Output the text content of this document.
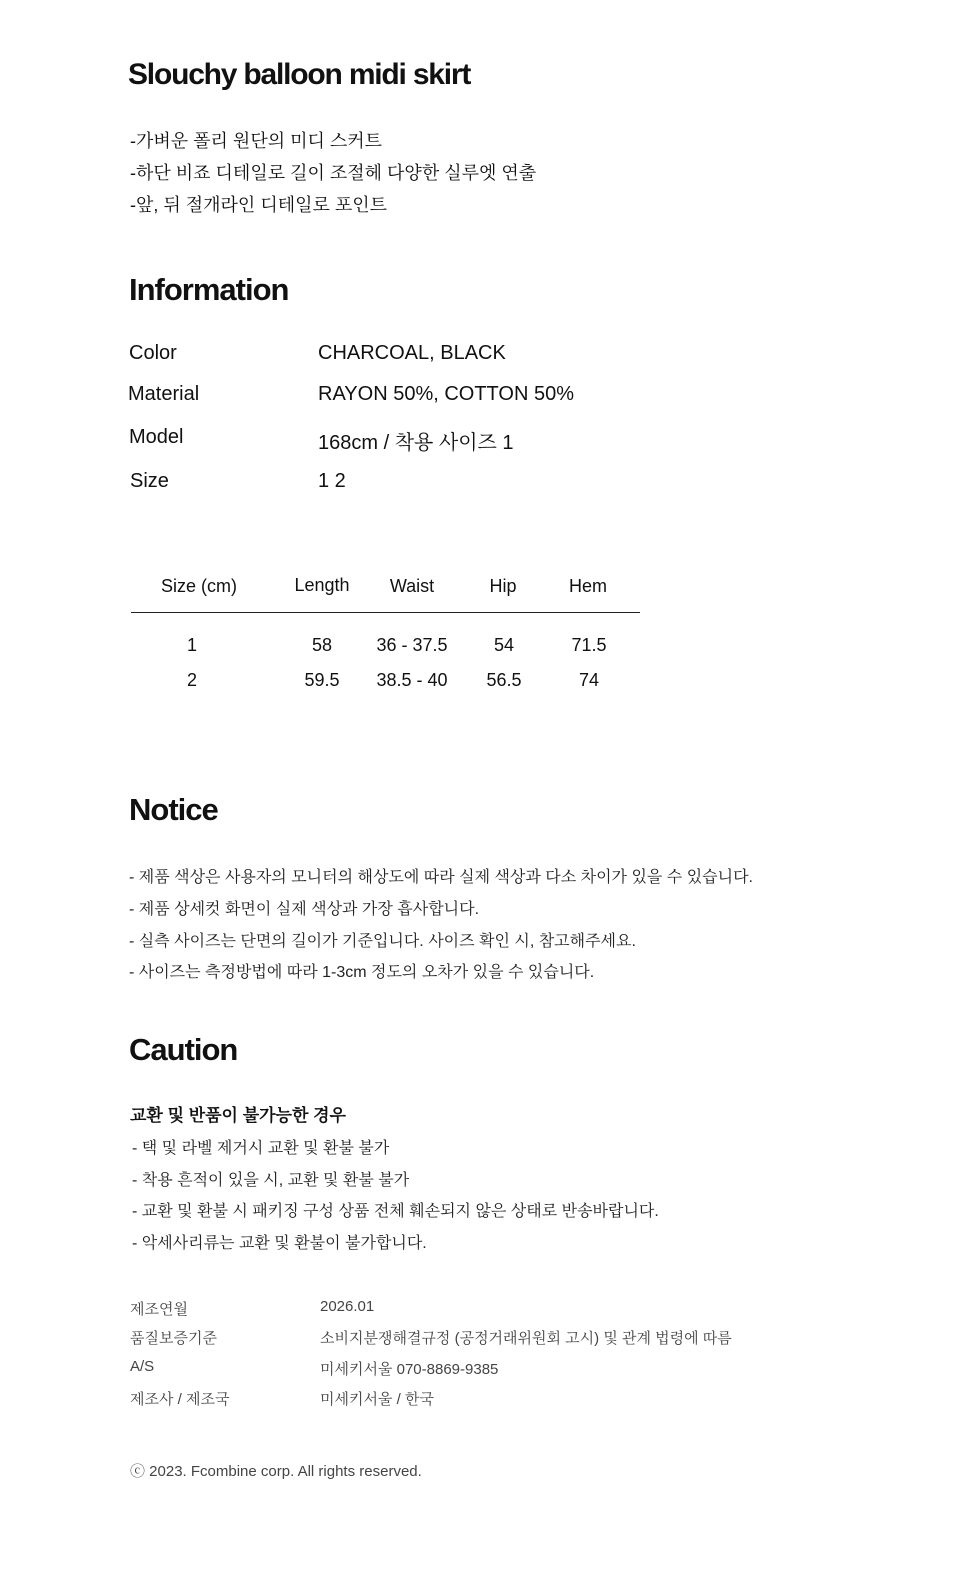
Slouchy balloon midi skirt
-가벼운 폴리 원단의 미디 스커트
-하단 비죠 디테일로 길이 조절헤 다양한 실루엣 연출
-앞, 뒤 절개라인 디테일로 포인트
Information
Color	CHARCOAL, BLACK
Material	RAYON 50%, COTTON 50%
Model	168cm / 착용 사이즈 1
Size	1 2
Size (cm)	Length	Waist	Hip	Hem
1	58	36 - 37.5	54	71.5
2	59.5	38.5 - 40	56.5	74
Notice
- 제품 색상은 사용자의 모니터의 해상도에 따라 실제 색상과 다소 차이가 있을 수 있습니다.
- 제품 상세컷 화면이 실제 색상과 가장 흡사합니다.
- 실측 사이즈는 단면의 길이가 기준입니다. 사이즈 확인 시, 참고해주세요.
- 사이즈는 측정방법에 따라 1-3cm 정도의 오차가 있을 수 있습니다.
Caution
교환 및 반품이 불가능한 경우
- 택 및 라벨 제거시 교환 및 환불 불가
- 착용 흔적이 있을 시, 교환 및 환불 불가
- 교환 및 환불 시 패키징 구성 상품 전체 훼손되지 않은 상태로 반송바랍니다.
- 악세사리류는 교환 및 환불이 불가합니다.
제조연월	2026.01
품질보증기준	소비지분쟁해결규정 (공정거래위원회 고시) 및 관계 법령에 따름
A/S	미세키서울 070-8869-9385
제조사 / 제조국	미세키서울 / 한국
ⓒ 2023. Fcombine corp. All rights reserved.
